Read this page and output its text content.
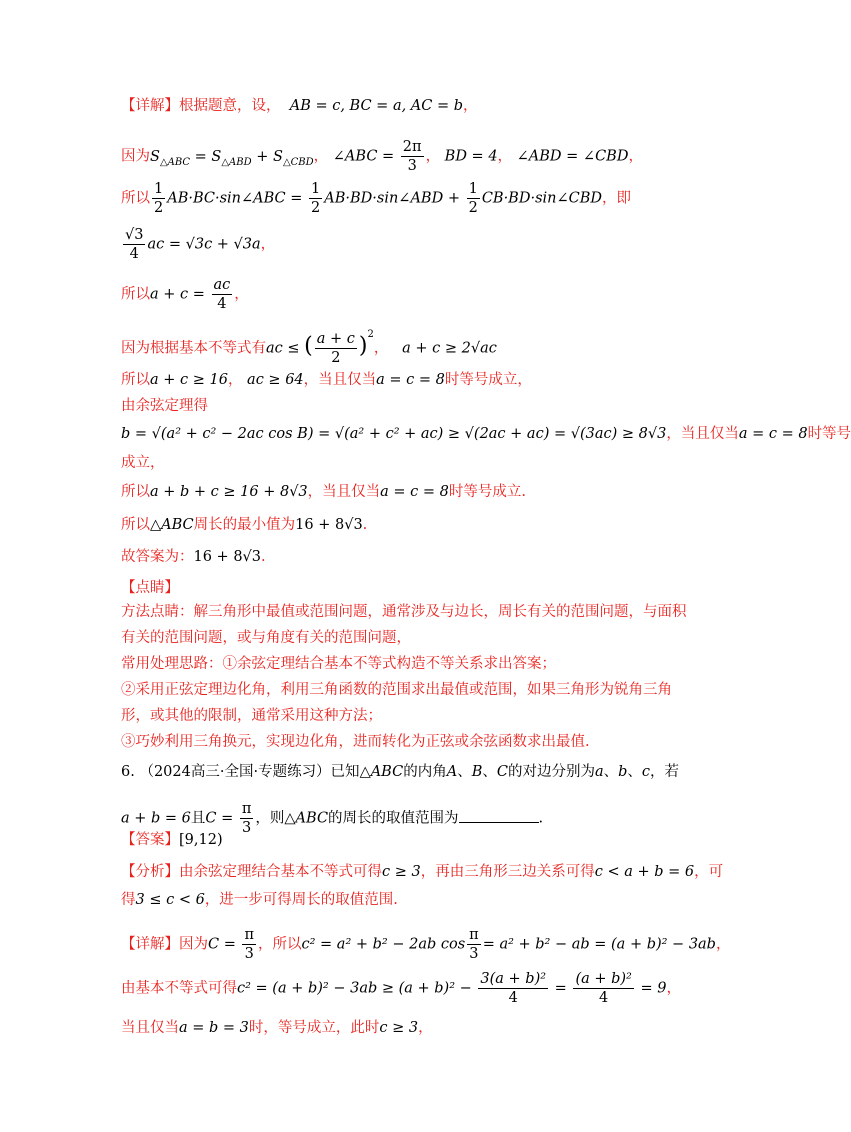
【详解】根据题意，设，  AB = c, BC = a, AC = b，
因为$S_{\triangle ABC} = S_{\triangle ABD} + S_{\triangle CBD}$， ∠ABC = $\frac{2\pi}{3}$ ， BD = 4， ∠ABD = ∠CBD，
所以 $\frac{1}{2}$ AB·BC·sin∠ABC = $\frac{1}{2}$ AB·BD·sin∠ABD + $\frac{1}{2}$ CB·BD·sin∠CBD，即
$\frac{√3}{4}$ ac = √3c + √3a，
所以$a + c = \frac{ac}{4}$ ，
因为根据基本不等式有ac ≤ ( $\frac{a + c}{2} )^2$，   a + c ≥ 2√ac
所以a + c ≥ 16， ac ≥ 64，当且仅当a = c = 8时等号成立，
由余弦定理得
b = √(a² + c² − 2ac cos B) = √(a² + c² + ac) ≥ √(2ac + ac) = √(3ac) ≥ 8√3，当且仅当a = c = 8时等号
成立，
所以a + b + c ≥ 16 + 8√3，当且仅当a = c = 8时等号成立.
所以△ABC周长的最小值为16 + 8√3.
故答案为：16 + 8√3.
【点睛】
方法点睛：解三角形中最值或范围问题，通常涉及与边长，周长有关的范围问题，与面积
有关的范围问题，或与角度有关的范围问题，
常用处理思路：①余弦定理结合基本不等式构造不等关系求出答案；
②采用正弦定理边化角，利用三角函数的范围求出最值或范围，如果三角形为锐角三角
形，或其他的限制，通常采用这种方法；
③巧妙利用三角换元，实现边化角，进而转化为正弦或余弦函数求出最值.
6. （2024高三·全国·专题练习）已知△ABC的内角A、B、C的对边分别为a、b、c，若
a + b = 6且$C = \frac{\pi}{3}$ ，则△ABC的周长的取值范围为	.
【答案】[9,12)
【分析】由余弦定理结合基本不等式可得c ≥ 3，再由三角形三边关系可得c < a + b = 6，可
得3 ≤ c < 6，进一步可得周长的取值范围.
【详解】因为$C = \frac{\pi}{3}$ ，所以c² = a² + b² − 2ab $\cos \frac{\pi}{3} = a^2 + b^2$ − ab = (a + b)² − 3ab，
由基本不等式可得$c^2 = (a + b)^2 - 3ab \ge (a + b)^2 - \frac{\text{3(a + b)²}}{4} = \frac{\text{(a + b)²}}{4} = 9$，
当且仅当a = b = 3时，等号成立，此时c ≥ 3，
